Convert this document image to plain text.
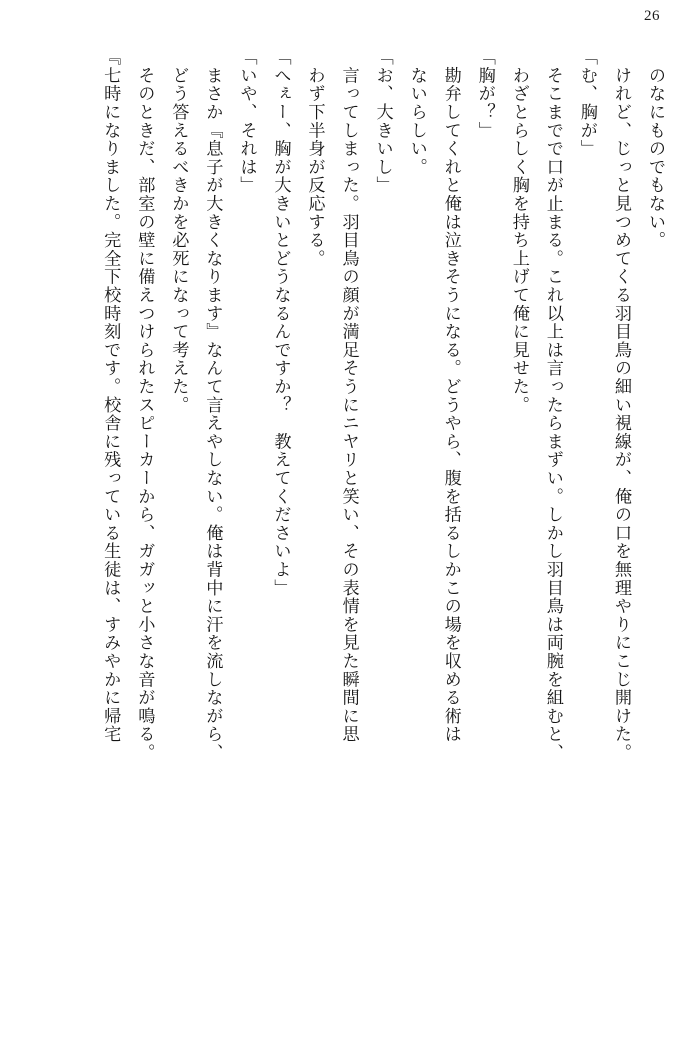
26

　のなにものでもない。

　けれど、じっと見つめてくる羽目鳥の細い視線が、俺の口を無理やりにこじ開けた。

「む、胸が」

　そこまでで口が止まる。これ以上は言ったらまずい。しかし羽目鳥は両腕を組むと、

　わざとらしく胸を持ち上げて俺に見せた。

「胸が？」

　勘弁してくれと俺は泣きそうになる。どうやら、腹を括るしかこの場を収める術は

　ないらしい。

「お、大きいし」

　言ってしまった。羽目鳥の顔が満足そうにニヤリと笑い、その表情を見た瞬間に思

　わず下半身が反応する。

「へぇー、胸が大きいとどうなるんですか？　教えてくださいよ」

「いや、それは」

　まさか『息子が大きくなります』なんて言えやしない。俺は背中に汗を流しながら、

　どう答えるべきかを必死になって考えた。

　そのときだ、部室の壁に備えつけられたスピーカーから、ガガッと小さな音が鳴る。

『七時になりました。完全下校時刻です。校舎に残っている生徒は、すみやかに帰宅
